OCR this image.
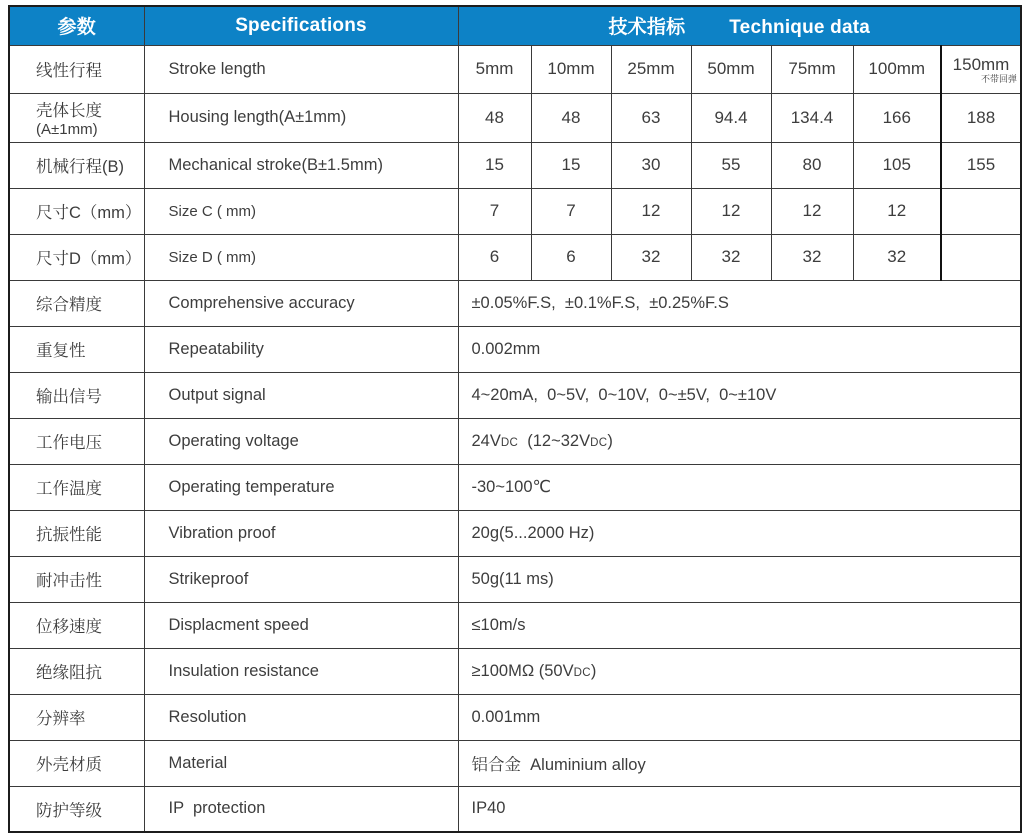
参数	Specifications	技术指标 Technique data						
线性行程	Stroke length	5mm	10mm	25mm	50mm	75mm	100mm	150mm
不带回弹

壳体长度
(A±1mm)	Housing length(A±1mm)	48	48	63	94.4	134.4	166	188
机械行程(B)	Mechanical stroke(B±1.5mm)	15	15	30	55	80	105	155
尺寸C（mm）	Size C ( mm)	7	7	12	12	12	12	
尺寸D（mm）	Size D ( mm)	6	6	32	32	32	32	
综合精度	Comprehensive accuracy	±0.05%F.S,  ±0.1%F.S,  ±0.25%F.S						
重复性	Repeatability	0.002mm						
输出信号	Output signal	4~20mA,  0~5V,  0~10V,  0~±5V,  0~±10V						
工作电压	Operating voltage	24VDC  (12~32VDC)						
工作温度	Operating temperature	-30~100℃						
抗振性能	Vibration proof	20g(5...2000 Hz)						
耐冲击性	Strikeproof	50g(11 ms)						
位移速度	Displacment speed	≤10m/s						
绝缘阻抗	Insulation resistance	≥100MΩ (50VDC)						
分辨率	Resolution	0.001mm						
外壳材质	Material	铝合金  Aluminium alloy						
防护等级	IP  protection	IP40						
